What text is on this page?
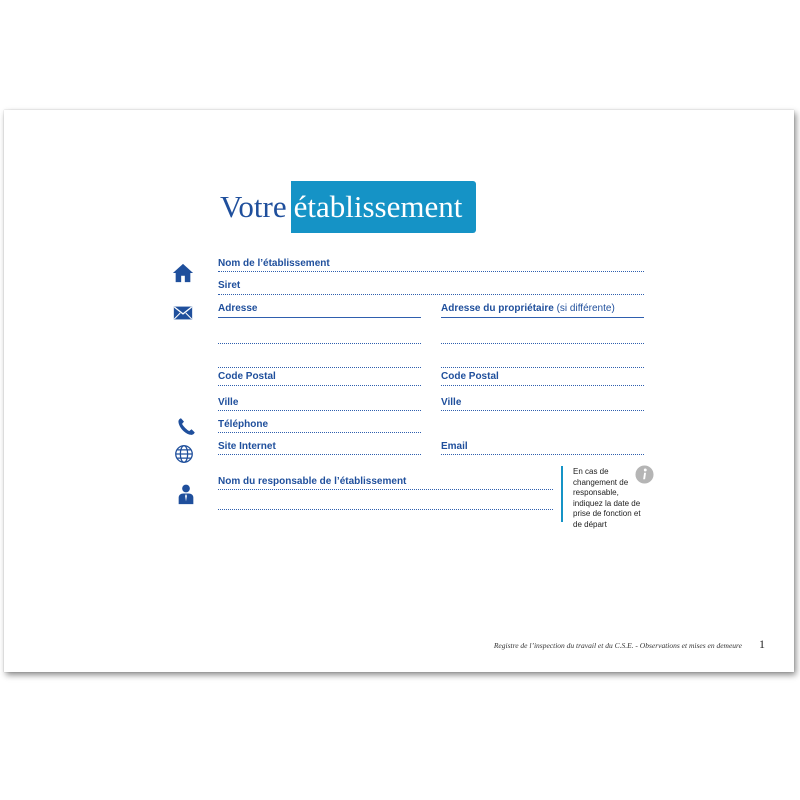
Votre établissement
Nom de l’établissement
Siret
Adresse	Adresse du propriétaire (si différente)
Code Postal	Code Postal
Ville	Ville
Téléphone
Site Internet	Email
Nom du responsable de l’établissement
En cas de
changement de
responsable,
indiquez la date de
prise de fonction et
de départ
Registre de l’inspection du travail et du C.S.E. - Observations et mises en demeure 1
